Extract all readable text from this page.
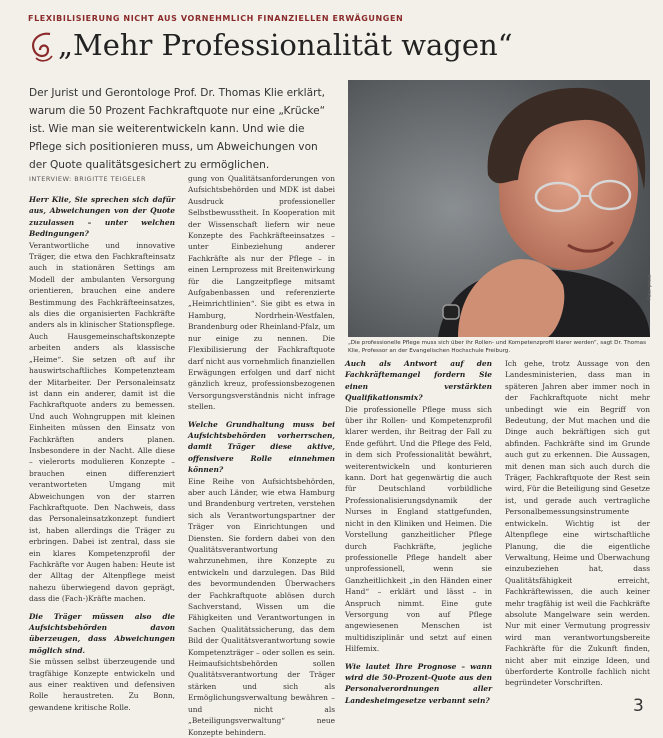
FLEXIBILISIERUNG NICHT AUS VORNEHMLICH FINANZIELLEN ERWÄGUNGEN
„Mehr Professionalität wagen“

Der Jurist und Gerontologe Prof. Dr. Thomas Klie erklärt, warum die 50 Prozent Fachkraftquote nur eine „Krücke“ ist. Wie man sie weiterentwickeln kann. Und wie die Pflege sich positionieren muss, um Abweichungen von der Quote qualitätsgesichert zu ermöglichen.

INTERVIEW: BRIGITTE TEIGELER
Herr Klie, Sie sprechen sich dafür aus, Abweichungen von der Quote zuzulassen – unter welchen Bedingungen?

Verantwortliche und innovative Träger, die etwa den Fachkrafteinsatz auch in stationären Settings am Modell der ambulanten Versorgung orientieren, brauchen eine andere Bestimmung des Fachkräfteeinsatzes, als dies die organisierten Fachkräfte anders als in klinischer Stationspflege. Auch Hausgemeinschaftskonzepte arbeiten anders als klassische „Heime“. Sie setzen oft auf ihr hauswirtschaftliches Kompetenzteam der Mitarbeiter. Der Personaleinsatz ist dann ein anderer, damit ist die Fachkraftquote anders zu bemessen. Und auch Wohngruppen mit kleinen Einheiten müssen den Einsatz von Fachkräften anders planen. Insbesondere in der Nacht. Alle diese – vielerorts modulieren Konzepte – brauchen einen differenziert verantworteten Umgang mit Abweichungen von der starren Fachkraftquote. Den Nachweis, dass das Personaleinsatzkonzept fundiert ist, haben allerdings die Träger zu erbringen. Dabei ist zentral, dass sie ein klares Kompetenzprofil der Fachkräfte vor Augen haben: Heute ist der Alltag der Altenpflege meist nahezu überwiegend davon geprägt, dass die (Fach-)Kräfte machen.

Die Träger müssen also die Aufsichtsbehörden davon überzeugen, dass Abweichungen möglich sind.

Sie müssen selbst überzeugende und tragfähige Konzepte entwickeln und aus einer reaktiven und defensiven Rolle heraustreten. Zu Bonn, gewandene kritische Rolle.

gung von Qualitätsanforderungen von Aufsichtsbehörden und MDK ist dabei Ausdruck professioneller Selbstbewusstheit. In Kooperation mit der Wissenschaft liefern wir neue Konzepte des Fachkräfteeinsatzes – unter Einbeziehung anderer Fachkräfte als nur der Pflege – in einen Lernprozess mit Breitenwirkung für die Langzeitpflege mitsamt Aufgabenbassen und referenzierte „Heimrichtlinien“. Sie gibt es etwa in Hamburg, Nordrhein-Westfalen, Brandenburg oder Rheinland-Pfalz, um nur einige zu nennen. Die Flexibilisierung der Fachkraftquote darf nicht aus vornehmlich finanziellen Erwägungen erfolgen und darf nicht gänzlich kreuz, professionsbezogenen Versorgungsverständnis nicht infrage stellen.

Welche Grundhaltung muss bei Aufsichtsbehörden vorherrschen, damit Träger diese aktive, offensivere Rolle einnehmen können?

Eine Reihe von Aufsichtsbehörden, aber auch Länder, wie etwa Hamburg und Brandenburg vertreten, verstehen sich als Verantwortungspartner der Träger von Einrichtungen und Diensten. Sie fordern dabei von den Qualitätsverantwortung wahrzunehmen, ihre Konzepte zu entwickeln und darzulegen. Das Bild des bevormundenden Überwachers der Fachkraftquote ablösen durch Sachverstand, Wissen um die Fähigkeiten und Verantwortungen in Sachen Qualitätssicherung, das dem Bild der Qualitätsverantwortung sowie Kompetenzträger – oder sollen es sein. Heimaufsichtsbehörden sollen Qualitätsverantwortung der Träger stärken und sich als Ermöglichungsverwaltung bewähren – und nicht als „Beteiligungsverwaltung“ neue Konzepte behindern.

Foto: privat
„Die professionelle Pflege muss sich über ihr Rollen- und Kompetenzprofil klarer werden“, sagt Dr. Thomas Klie, Professor an der Evangelischen Hochschule Freiburg.
Auch als Antwort auf den Fachkräftemangel fordern Sie einen verstärkten Qualifikationsmix?

Die professionelle Pflege muss sich über ihr Rollen- und Kompetenzprofil klarer werden, ihr Beitrag der Fall zu Ende geführt. Und die Pflege des Feld, in dem sich Professionalität bewährt, weiterentwickeln und konturieren kann. Dort hat gegenwärtig die auch für Deutschland vorbildliche Professionalisierungsdynamik der Nurses in England stattgefunden, nicht in den Kliniken und Heimen. Die Vorstellung ganzheitlicher Pflege durch Fachkräfte, jegliche professionelle Pflege handelt aber unprofessionell, wenn sie Ganzheitlichkeit „in den Händen einer Hand“ – erklärt und lässt – in Anspruch nimmt. Eine gute Versorgung von auf Pflege angewiesenen Menschen ist multidisziplinär und setzt auf einen Hilfemix.

Wie lautet Ihre Prognose – wann wird die 50-Prozent-Quote aus den Personalverordnungen aller Landesheimgesetze verbannt sein?

Ich gehe, trotz Aussage von den Landesministerien, dass man in späteren Jahren aber immer noch in der Fachkraftquote nicht mehr unbedingt wie ein Begriff von Bedeutung, der Mut machen und die Dinge auch bekräftigen sich gut abfinden. Fachkräfte sind im Grunde auch gut zu erkennen. Die Aussagen, mit denen man sich auch durch die Träger, Fachkraftquote der Rest sein wird, Für die Beteiligung sind Gesetze ist, und gerade auch vertragliche Personalbemessungsinstrumente entwickeln. Wichtig ist der Altenpflege eine wirtschaftliche Planung, die die eigentliche Verwaltung, Heime und Überwachung einzubeziehen hat, dass Qualitätsfähigkeit erreicht, Fachkräftewissen, die auch keiner mehr tragfähig ist weil die Fachkräfte absolute Mangelware sein werden. Nur mit einer Vermutung progressiv wird man verantwortungsbereite Fachkräfte für die Zukunft finden, nicht aber mit einzige Ideen, und überforderte Kontrolle fachlich nicht begründeter Vorschriften.

3
